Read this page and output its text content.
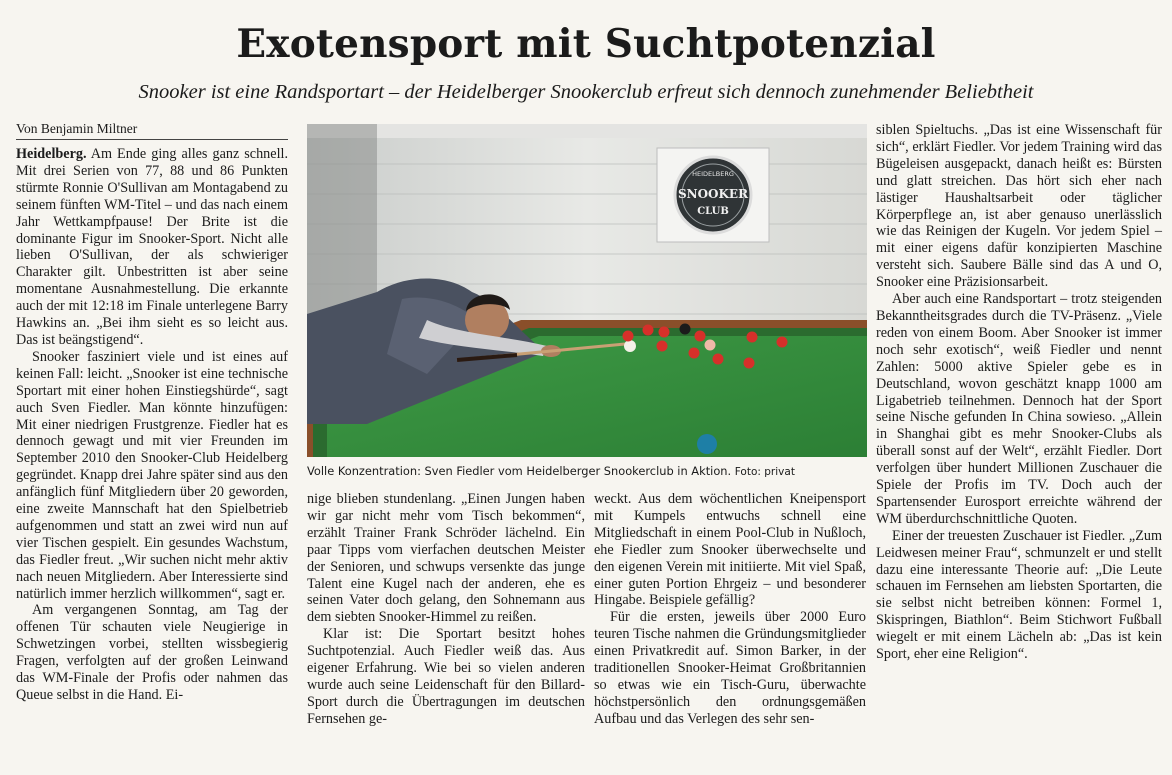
Exotensport mit Suchtpotenzial

Snooker ist eine Randsportart – der Heidelberger Snookerclub erfreut sich dennoch zunehmender Beliebtheit

Von Benjamin Miltner

Heidelberg. Am Ende ging alles ganz schnell. Mit drei Serien von 77, 88 und 86 Punkten stürmte Ronnie O'Sullivan am Montagabend zu seinem fünften WM-Titel – und das nach einem Jahr Wettkampfpause! Der Brite ist die dominante Figur im Snooker-Sport. Nicht alle lieben O'Sullivan, der als schwieriger Charakter gilt. Unbestritten ist aber seine momentane Ausnahmestellung. Die erkannte auch der mit 12:18 im Finale unterlegene Barry Hawkins an. „Bei ihm sieht es so leicht aus. Das ist beängstigend“.

Snooker fasziniert viele und ist eines auf keinen Fall: leicht. „Snooker ist eine technische Sportart mit einer hohen Einstiegshürde“, sagt auch Sven Fiedler. Man könnte hinzufügen: Mit einer niedrigen Frustgrenze. Fiedler hat es dennoch gewagt und mit vier Freunden im September 2010 den Snooker-Club Heidelberg gegründet. Knapp drei Jahre später sind aus den anfänglich fünf Mitgliedern über 20 geworden, eine zweite Mannschaft hat den Spielbetrieb aufgenommen und statt an zwei wird nun auf vier Tischen gespielt. Ein gesundes Wachstum, das Fiedler freut. „Wir suchen nicht mehr aktiv nach neuen Mitgliedern. Aber Interessierte sind natürlich immer herzlich willkommen“, sagt er.

Am vergangenen Sonntag, am Tag der offenen Tür schauten viele Neugierige in Schwetzingen vorbei, stellten wissbegierig Fragen, verfolgten auf der großen Leinwand das WM-Finale der Profis oder nahmen das Queue selbst in die Hand. Ei-

HEIDELBERG
SNOOKER
CLUB
Volle Konzentration: Sven Fiedler vom Heidelberger Snookerclub in Aktion. Foto: privat

nige blieben stundenlang. „Einen Jungen haben wir gar nicht mehr vom Tisch bekommen“, erzählt Trainer Frank Schröder lächelnd. Ein paar Tipps vom vierfachen deutschen Meister der Senioren, und schwups versenkte das junge Talent eine Kugel nach der anderen, ehe es seinen Vater doch gelang, den Sohnemann aus dem siebten Snooker-Himmel zu reißen.

Klar ist: Die Sportart besitzt hohes Suchtpotenzial. Auch Fiedler weiß das. Aus eigener Erfahrung. Wie bei so vielen anderen wurde auch seine Leidenschaft für den Billard-Sport durch die Übertragungen im deutschen Fernsehen ge-

weckt. Aus dem wöchentlichen Kneipensport mit Kumpels entwuchs schnell eine Mitgliedschaft in einem Pool-Club in Nußloch, ehe Fiedler zum Snooker überwechselte und den eigenen Verein mit initiierte. Mit viel Spaß, einer guten Portion Ehrgeiz – und besonderer Hingabe. Beispiele gefällig?

Für die ersten, jeweils über 2000 Euro teuren Tische nahmen die Gründungsmitglieder einen Privatkredit auf. Simon Barker, in der traditionellen Snooker-Heimat Großbritannien so etwas wie ein Tisch-Guru, überwachte höchstpersönlich den ordnungsgemäßen Aufbau und das Verlegen des sehr sen-

siblen Spieltuchs. „Das ist eine Wissenschaft für sich“, erklärt Fiedler. Vor jedem Training wird das Bügeleisen ausgepackt, danach heißt es: Bürsten und glatt streichen. Das hört sich eher nach lästiger Haushaltsarbeit oder täglicher Körperpflege an, ist aber genauso unerlässlich wie das Reinigen der Kugeln. Vor jedem Spiel – mit einer eigens dafür konzipierten Maschine versteht sich. Saubere Bälle sind das A und O, Snooker eine Präzisionsarbeit.

Aber auch eine Randsportart – trotz steigenden Bekanntheitsgrades durch die TV-Präsenz. „Viele reden von einem Boom. Aber Snooker ist immer noch sehr exotisch“, weiß Fiedler und nennt Zahlen: 5000 aktive Spieler gebe es in Deutschland, wovon geschätzt knapp 1000 am Ligabetrieb teilnehmen. Dennoch hat der Sport seine Nische gefunden In China sowieso. „Allein in Shanghai gibt es mehr Snooker-Clubs als überall sonst auf der Welt“, erzählt Fiedler. Dort verfolgen über hundert Millionen Zuschauer die Spiele der Profis im TV. Doch auch der Spartensender Eurosport erreichte während der WM überdurchschnittliche Quoten.

Einer der treuesten Zuschauer ist Fiedler. „Zum Leidwesen meiner Frau“, schmunzelt er und stellt dazu eine interessante Theorie auf: „Die Leute schauen im Fernsehen am liebsten Sportarten, die sie selbst nicht betreiben können: Formel 1, Skispringen, Biathlon“. Beim Stichwort Fußball wiegelt er mit einem Lächeln ab: „Das ist kein Sport, eher eine Religion“.
